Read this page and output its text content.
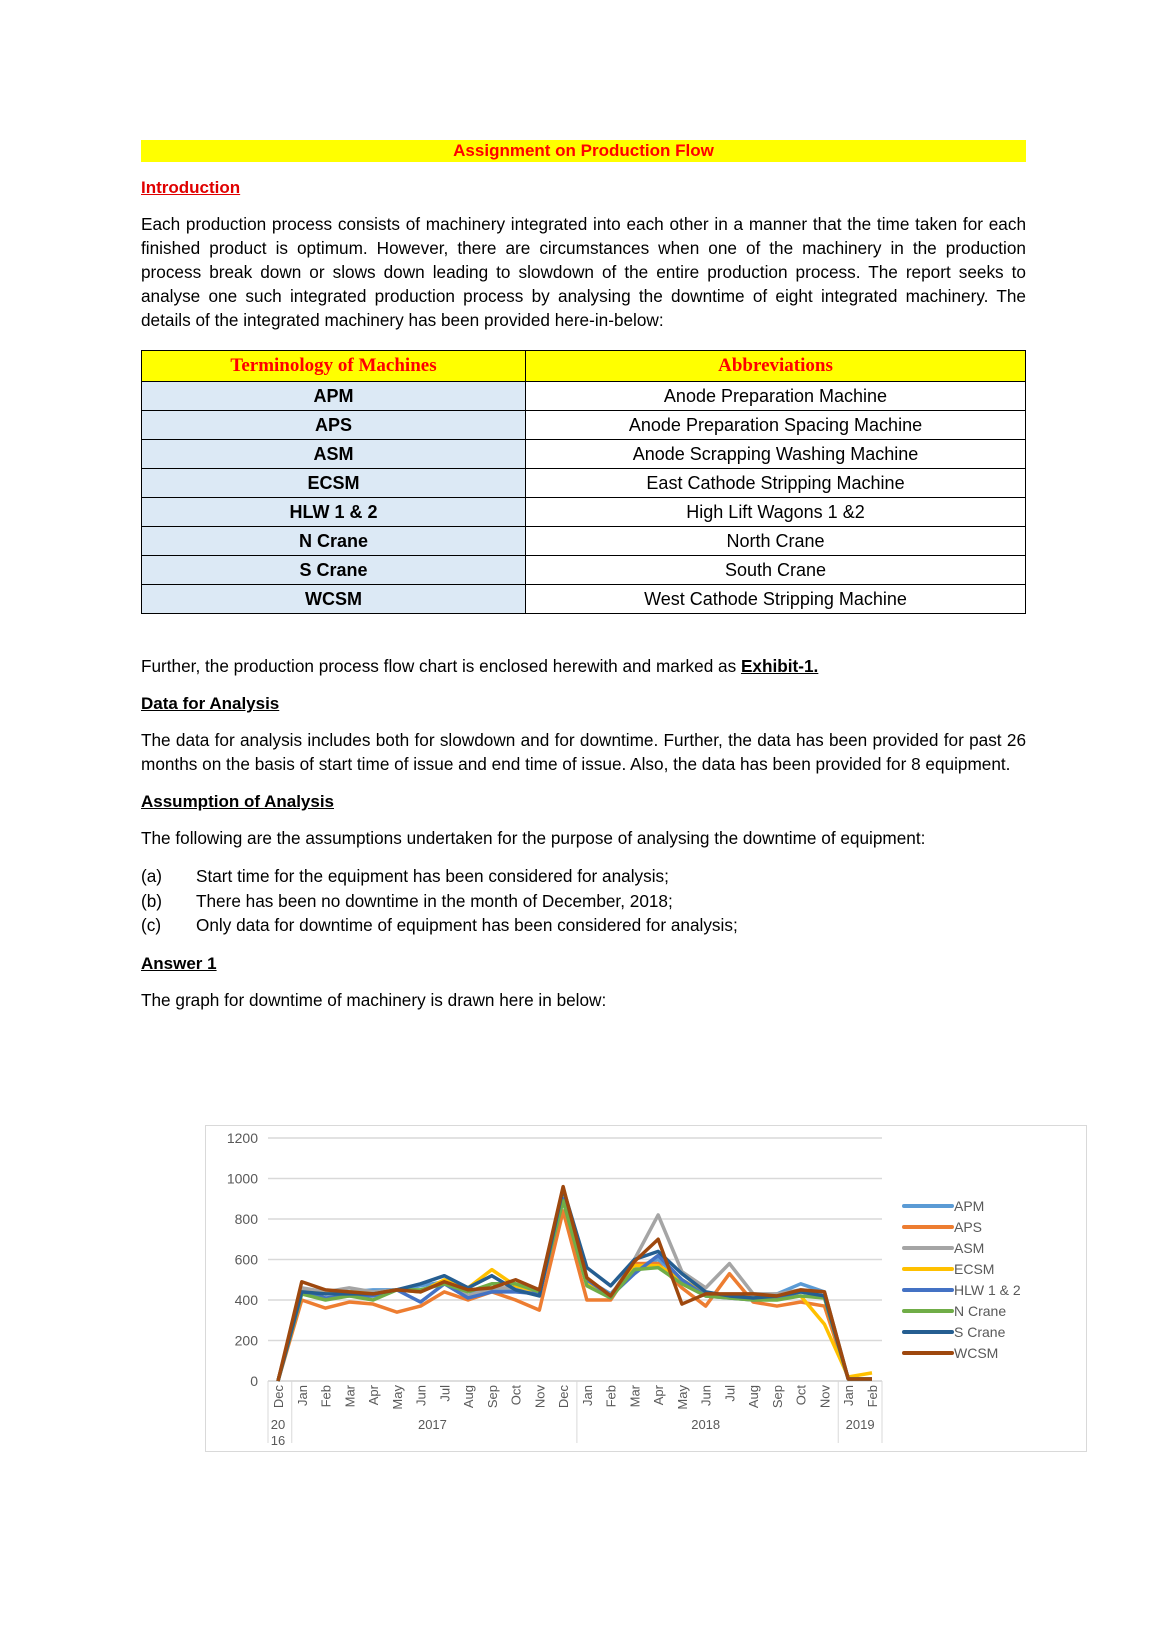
Assignment on Production Flow
Introduction

Each production process consists of machinery integrated into each other in a manner that the time taken for each finished product is optimum. However, there are circumstances when one of the machinery in the production process break down or slows down leading to slowdown of the entire production process. The report seeks to analyse one such integrated production process by analysing the downtime of eight integrated machinery. The details of the integrated machinery has been provided here-in-below:

Terminology of Machines	Abbreviations
APM	Anode Preparation Machine
APS	Anode Preparation Spacing Machine
ASM	Anode Scrapping Washing Machine
ECSM	East Cathode Stripping Machine
HLW 1 & 2	High Lift Wagons 1 &2
N Crane	North Crane
S Crane	South Crane
WCSM	West Cathode Stripping Machine

Further, the production process flow chart is enclosed herewith and marked as Exhibit-1.

Data for Analysis

The data for analysis includes both for slowdown and for downtime. Further, the data has been provided for past 26 months on the basis of start time of issue and end time of issue. Also, the data has been provided for 8 equipment.

Assumption of Analysis

The following are the assumptions undertaken for the purpose of analysing the downtime of equipment:

(a)	Start time for the equipment has been considered for analysis;
(b)	There has been no downtime in the month of December, 2018;
(c)	Only data for downtime of equipment has been considered for analysis;
Answer 1

The graph for downtime of machinery is drawn here in below:

0
200
400
600
800
1000
1200
Dec Jan Feb Mar Apr May Jun Jul Aug Sep Oct Nov Dec Jan Feb Mar Apr May Jun Jul Aug Sep Oct Nov Jan Feb
20
16
2017	2018	2019
APM
APS
ASM
ECSM
HLW 1 & 2
N Crane
S Crane
WCSM
